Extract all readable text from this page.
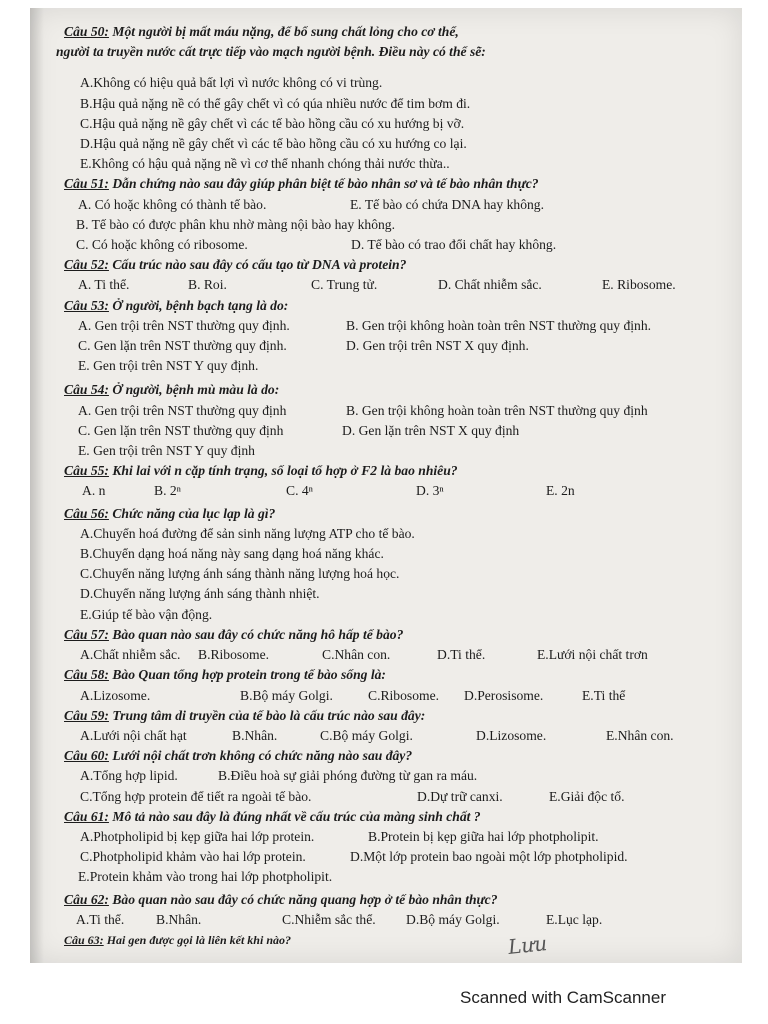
Câu 50: Một người bị mất máu nặng, để bổ sung chất lỏng cho cơ thể,
người ta truyền nước cất trực tiếp vào mạch người bệnh. Điều này có thể sẽ:
A.Không có hiệu quả bất lợi vì nước không có vi trùng.
B.Hậu quả nặng nề có thể gây chết vì có qúa nhiều nước để tim bơm đi.
C.Hậu quả nặng nề gây chết vì các tế bào hồng cầu có xu hướng bị vỡ.
D.Hậu quả nặng nề gây chết vì các tế bào hồng cầu có xu hướng co lại.
E.Không có hậu quả nặng nề vì cơ thể nhanh chóng thải nước thừa..
Câu 51: Dẫn chứng nào sau đây giúp phân biệt tế bào nhân sơ và tế bào nhân thực?
A. Có hoặc không có thành tế bào.	E. Tế bào có chứa DNA hay không.
B. Tế bào có được phân khu nhờ màng nội bào hay không.
C. Có hoặc không có ribosome.	D. Tế bào có trao đổi chất hay không.
Câu 52: Cấu trúc nào sau đây có cấu tạo từ DNA và protein?
A. Ti thể.	B. Roi.	C. Trung tử.	D. Chất nhiễm sắc.	E. Ribosome.
Câu 53: Ở người, bệnh bạch tạng là do:
A. Gen trội trên NST thường quy định.	B. Gen trội không hoàn toàn trên NST thường quy định.
C. Gen lặn trên NST thường quy định.	D. Gen trội trên NST X quy định.
E. Gen trội trên NST Y quy định.
Câu 54: Ở người, bệnh mù màu là do:
A. Gen trội trên NST thường quy định	B. Gen trội không hoàn toàn trên NST thường quy định
C. Gen lặn trên NST thường quy định	D. Gen lặn trên NST X quy định
E. Gen trội trên NST Y quy định
Câu 55: Khi lai với n cặp tính trạng, số loại tổ hợp ở F2 là bao nhiêu?
A. n	B. 2ⁿ	C. 4ⁿ	D. 3ⁿ	E. 2n
Câu 56: Chức năng của lục lạp là gì?
A.Chuyển hoá đường để sản sinh năng lượng ATP cho tế bào.
B.Chuyển dạng hoá năng này sang dạng hoá năng khác.
C.Chuyển năng lượng ánh sáng thành năng lượng hoá học.
D.Chuyển năng lượng ánh sáng thành nhiệt.
E.Giúp tế bào vận động.
Câu 57: Bào quan nào sau đây có chức năng hô hấp tế bào?
A.Chất nhiễm sắc.	B.Ribosome.	C.Nhân con.	D.Ti thể.	E.Lưới nội chất trơn
Câu 58: Bào Quan tổng hợp protein trong tế bào sống là:
A.Lizosome.	B.Bộ máy Golgi.	C.Ribosome.	D.Perosisome.	E.Ti thể
Câu 59: Trung tâm di truyền của tế bào là cấu trúc nào sau đây:
A.Lưới nội chất hạt	B.Nhân.	C.Bộ máy Golgi.	D.Lizosome.	E.Nhân con.
Câu 60: Lưới nội chất trơn không có chức năng nào sau đây?
A.Tổng hợp lipid.	B.Điều hoà sự giải phóng đường từ gan ra máu.
C.Tổng hợp protein để tiết ra ngoài tế bào.	D.Dự trữ canxi.	E.Giải độc tố.
Câu 61: Mô tả nào sau đây là đúng nhất về cấu trúc của màng sinh chất ?
A.Photpholipid bị kẹp giữa hai lớp protein.	B.Protein bị kẹp giữa hai lớp photpholipit.
C.Photpholipid khảm vào hai lớp protein.	D.Một lớp protein bao ngoài một lớp photpholipid.
E.Protein khảm vào trong hai lớp photpholipit.
Câu 62: Bào quan nào sau đây có chức năng quang hợp ở tế bào nhân thực?
A.Ti thể.	B.Nhân.	C.Nhiễm sắc thể.	D.Bộ máy Golgi.	E.Lục lạp.
Câu 63: Hai gen được gọi là liên kết khi nào?	Lưu
Scanned with CamScanner
